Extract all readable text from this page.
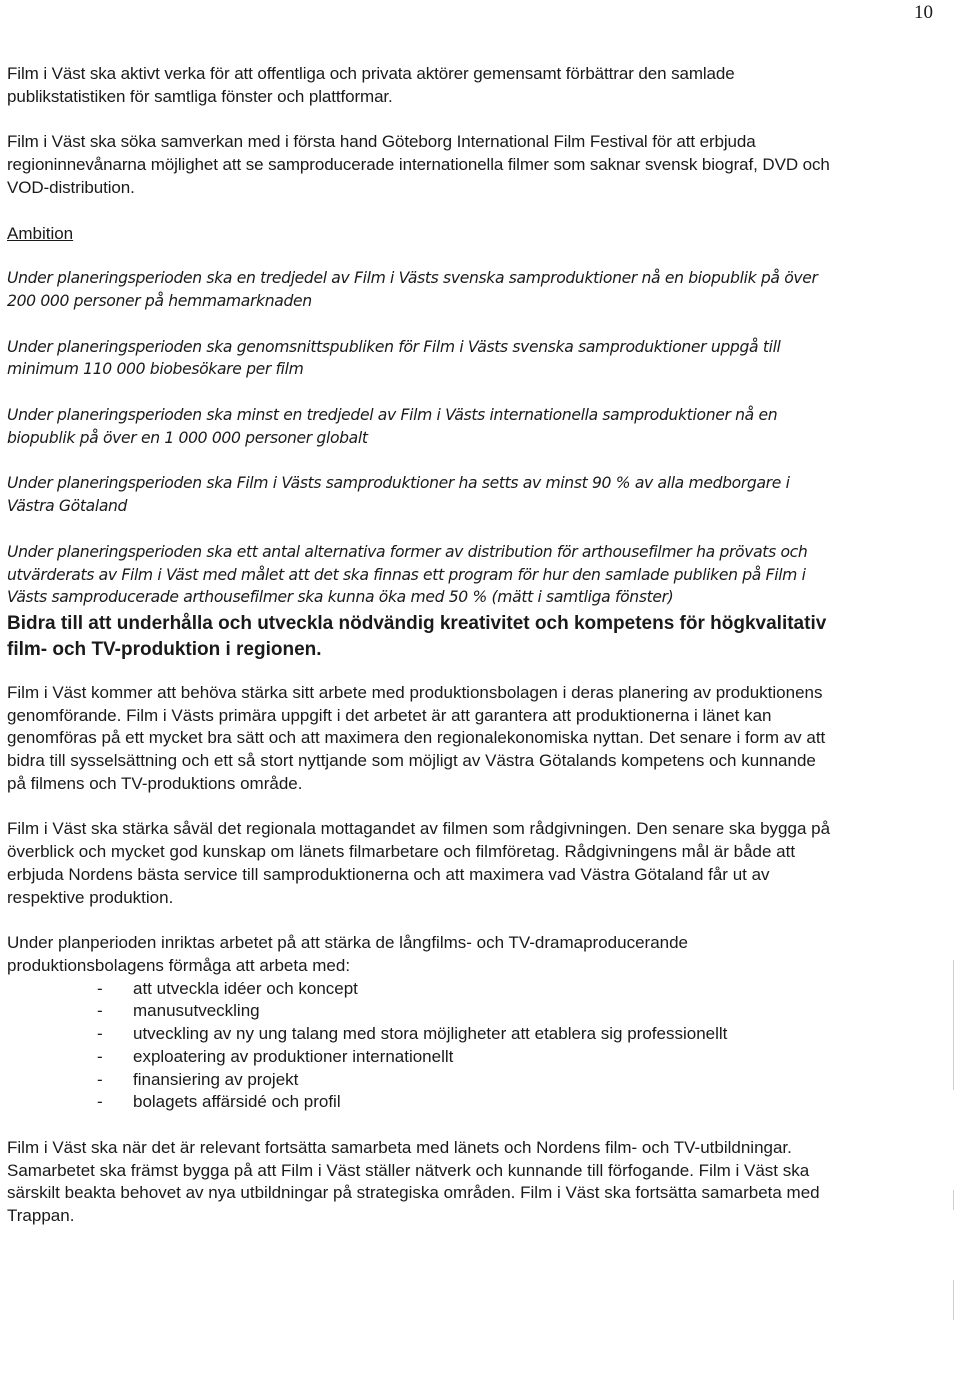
10

Film i Väst ska aktivt verka för att offentliga och privata aktörer gemensamt förbättrar den samlade publikstatistiken för samtliga fönster och plattformar.

Film i Väst ska söka samverkan med i första hand Göteborg International Film Festival för att erbjuda regioninnevånarna möjlighet att se samproducerade internationella filmer som saknar svensk biograf, DVD och VOD-distribution.

Ambition

Under planeringsperioden ska en tredjedel av Film i Västs svenska samproduktioner nå en biopublik på över 200 000 personer på hemmamarknaden

Under planeringsperioden ska genomsnittspubliken för Film i Västs svenska samproduktioner uppgå till minimum 110 000 biobesökare per film

Under planeringsperioden ska minst en tredjedel av Film i Västs internationella samproduktioner nå en biopublik på över en 1 000 000 personer globalt

Under planeringsperioden ska Film i Västs samproduktioner ha setts av minst 90 % av alla medborgare i Västra Götaland

Under planeringsperioden ska ett antal alternativa former av distribution för arthousefilmer ha prövats och utvärderats av Film i Väst med målet att det ska finnas ett program för hur den samlade publiken på Film i Västs samproducerade arthousefilmer ska kunna öka med 50 % (mätt i samtliga fönster)

Bidra till att underhålla och utveckla nödvändig kreativitet och kompetens för högkvalitativ film- och TV-produktion i regionen.

Film i Väst kommer att behöva stärka sitt arbete med produktionsbolagen i deras planering av produktionens genomförande. Film i Västs primära uppgift i det arbetet är att garantera att produktionerna i länet kan genomföras på ett mycket bra sätt och att maximera den regionalekonomiska nyttan. Det senare i form av att bidra till sysselsättning och ett så stort nyttjande som möjligt av Västra Götalands kompetens och kunnande på filmens och TV-produktions område.

Film i Väst ska stärka såväl det regionala mottagandet av filmen som rådgivningen. Den senare ska bygga på överblick och mycket god kunskap om länets filmarbetare och filmföretag. Rådgivningens mål är både att erbjuda Nordens bästa service till samproduktionerna och att maximera vad Västra Götaland får ut av respektive produktion.

Under planperioden inriktas arbetet på att stärka de långfilms- och TV-dramaproducerande produktionsbolagens förmåga att arbeta med:

- att utveckla idéer och koncept
- manusutveckling
- utveckling av ny ung talang med stora möjligheter att etablera sig professionellt
- exploatering av produktioner internationellt
- finansiering av projekt
- bolagets affärsidé och profil

Film i Väst ska när det är relevant fortsätta samarbeta med länets och Nordens film- och TV-utbildningar. Samarbetet ska främst bygga på att Film i Väst ställer nätverk och kunnande till förfogande. Film i Väst ska särskilt beakta behovet av nya utbildningar på strategiska områden. Film i Väst ska fortsätta samarbeta med Trappan.
